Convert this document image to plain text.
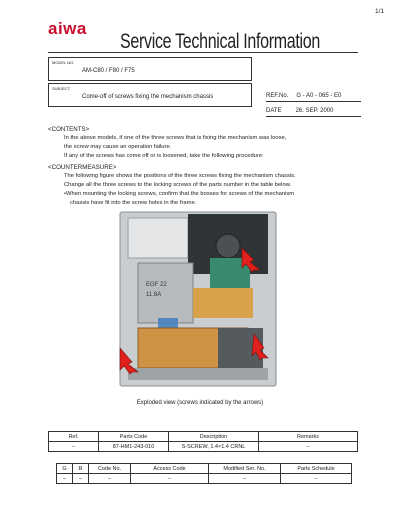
1/1
aiwa
Service Technical Information
MODEL NO.
AM-C80 / F80 / F75
SUBJECT
Come-off of screws fixing the mechanism chassis	REF.No. G - A0 - 065 - E0
DATE 26. SEP. 2000
<CONTENTS>
In the above models, if one of the three screws that is fixing the mechanism was loose,
the screw may cause an operation failure.
If any of the screws has come off or is loosened, take the following procedure:
<COUNTERMEASURE>
The following figure shows the positions of the three screws fixing the mechanism chassis.
Change all the three screws to the locking screws of the parts number in the table below.
•When mounting the locking screws, confirm that the bosses for screws of the mechanism
chassis have fit into the screw holes in the frame.
EGF 22
11.8A
Exploded view (screws indicated by the arrows)
Ref.	Parts Code	Description	Remarks
–	87-HM1-243-010	S-SCREW, 1.4×1.4 CRNL	–
G	R	Code No.	Access Code	Modified Ser. No.	Parts Schedule
–	–	–	–	–	–
